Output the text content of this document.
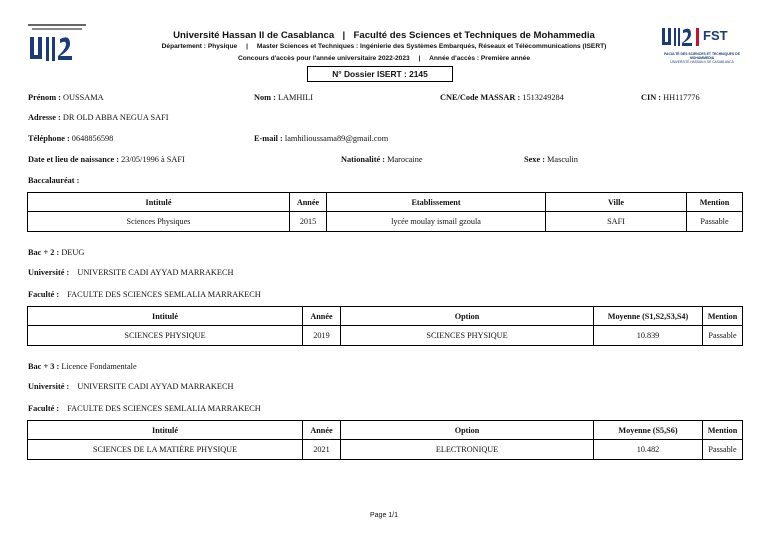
FST
FACULTÉ DES SCIENCES ET TECHNIQUES DE MOHAMMEDIA
UNIVERSITÉ HASSAN II DE CASABLANCA
Université Hassan II de Casablanca | Faculté des Sciences et Techniques de Mohammedia
Département : Physique | Master Sciences et Techniques : Ingénierie des Systèmes Embarqués, Réseaux et Télécommunications (ISERT)
Concours d'accès pour l'année universitaire 2022-2023 | Année d'accès : Première année
N° Dossier ISERT : 2145
Prénom : OUSSAMA	Nom : LAMHILI	CNE/Code MASSAR : 1513249284	CIN : HH117776
Adresse : DR OLD ABBA NEGUA SAFI
Téléphone : 0648856598	E-mail : lamhilioussama89@gmail.com
Date et lieu de naissance : 23/05/1996 à SAFI	Nationalité : Marocaine	Sexe : Masculin
Baccalauréat :
Intitulé	Année	Etablissement	Ville	Mention
Sciences Physiques	2015	lycée moulay ismail gzoula	SAFI	Passable
Bac + 2 : DEUG
Université : UNIVERSITE CADI AYYAD MARRAKECH
Faculté : FACULTE DES SCIENCES SEMLALIA MARRAKECH
Intitulé	Année	Option	Moyenne (S1,S2,S3,S4)	Mention
SCIENCES PHYSIQUE	2019	SCIENCES PHYSIQUE	10.839	Passable
Bac + 3 : Licence Fondamentale
Université : UNIVERSITE CADI AYYAD MARRAKECH
Faculté : FACULTE DES SCIENCES SEMLALIA MARRAKECH
Intitulé	Année	Option	Moyenne (S5,S6)	Mention
SCIENCES DE LA MATIÈRE PHYSIQUE	2021	ELECTRONIQUE	10.482	Passable
Page 1/1
